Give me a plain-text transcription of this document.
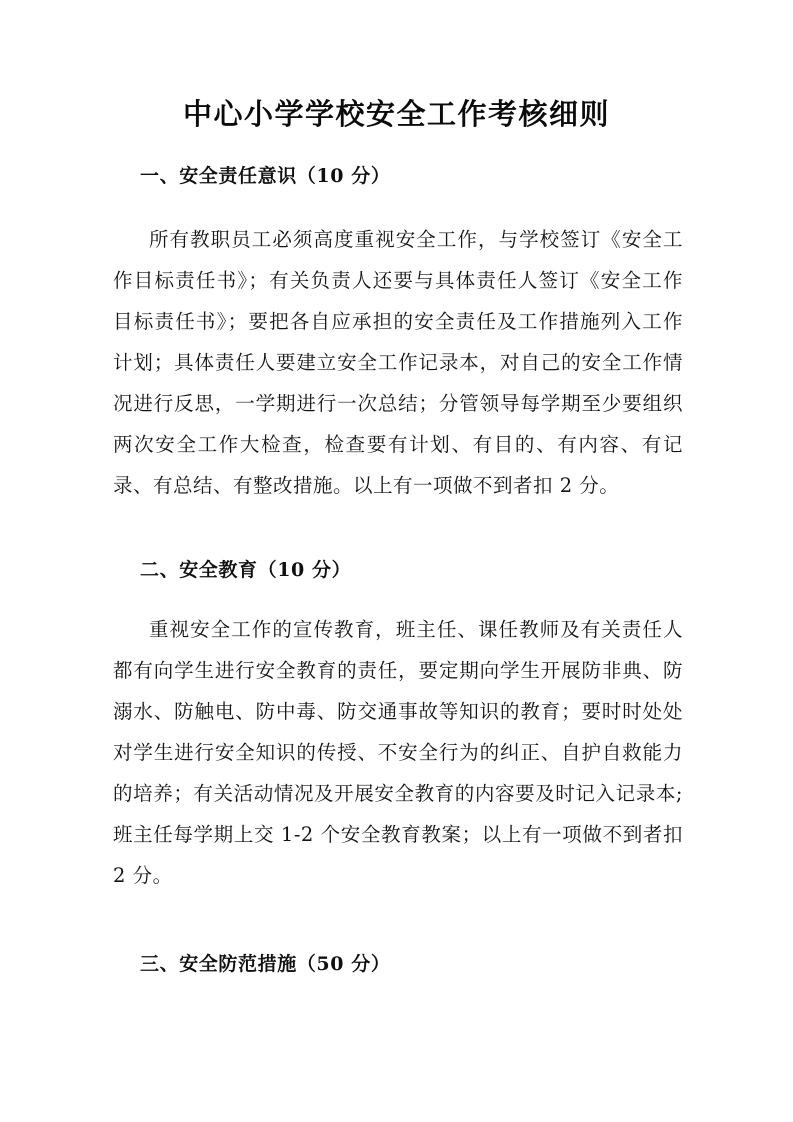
中心小学学校安全工作考核细则
一、安全责任意识（10 分）

所有教职员工必须高度重视安全工作，与学校签订《安全工作目标责任书》；有关负责人还要与具体责任人签订《安全工作目标责任书》；要把各自应承担的安全责任及工作措施列入工作计划；具体责任人要建立安全工作记录本，对自己的安全工作情况进行反思，一学期进行一次总结；分管领导每学期至少要组织两次安全工作大检查，检查要有计划、有目的、有内容、有记录、有总结、有整改措施。以上有一项做不到者扣 2 分。

二、安全教育（10 分）

重视安全工作的宣传教育，班主任、课任教师及有关责任人都有向学生进行安全教育的责任，要定期向学生开展防非典、防溺水、防触电、防中毒、防交通事故等知识的教育；要时时处处对学生进行安全知识的传授、不安全行为的纠正、自护自救能力的培养；有关活动情况及开展安全教育的内容要及时记入记录本;班主任每学期上交 1-2 个安全教育教案；以上有一项做不到者扣 2 分。

三、安全防范措施（50 分）
